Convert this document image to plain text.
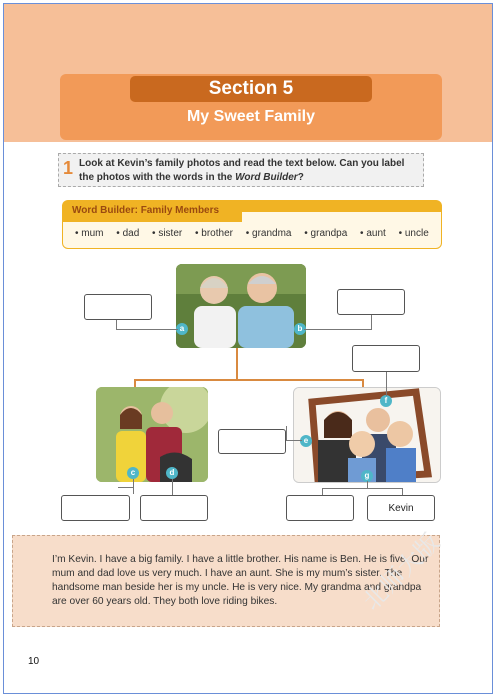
Section 5
My Sweet Family
1 Look at Kevin’s family photos and read the text below. Can you label the photos with the words in the Word Builder?
Word Builder: Family Members
• mum • dad • sister • brother • grandma • grandpa • aunt • uncle
a	b
c	d
e
f
g
Kevin
I’m Kevin. I have a big family. I have a little brother. His name is Ben. He is five. Our mum and dad love us very much. I have an aunt. She is my mum’s sister. The handsome man beside her is my uncle. He is very nice. My grandma and grandpa are over 60 years old. They both love riding bikes.	北师大版
10
